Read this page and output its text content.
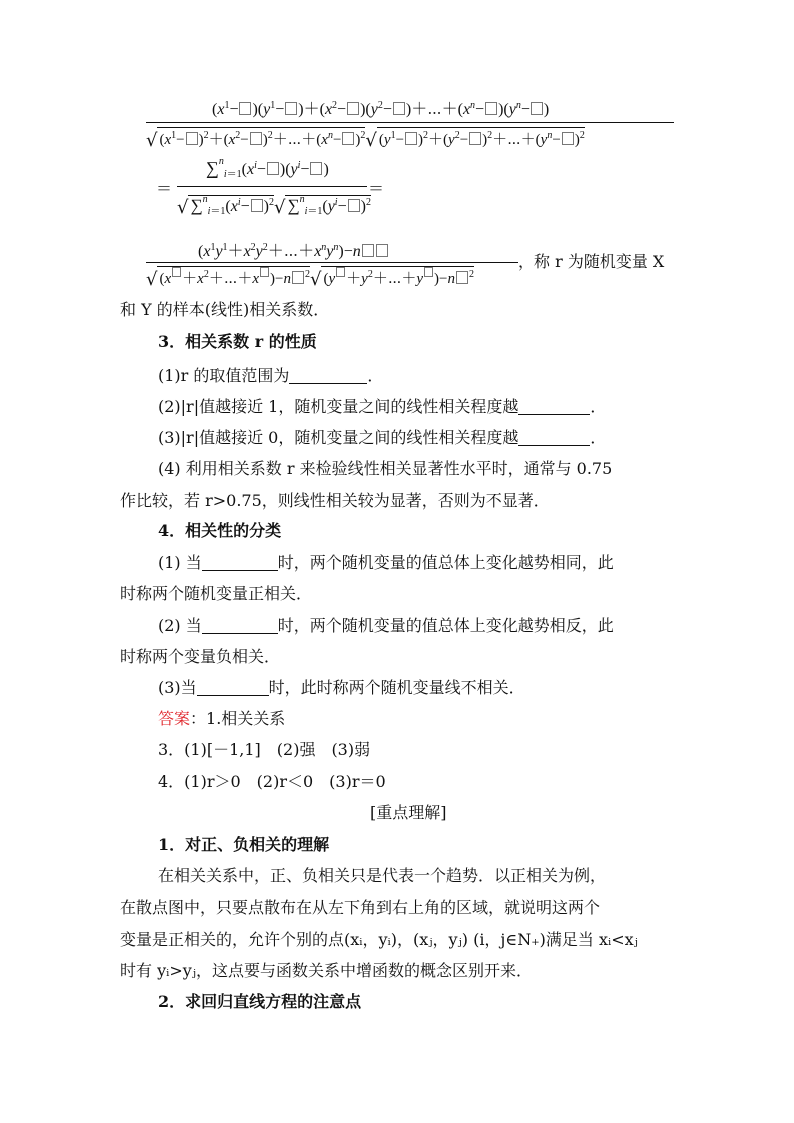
$(x^1- )(y^1- )+(x^2- )(y^2-$ )$+\cdots+(x^n- )(y^n-$ )
√ $(x^1- )^2+(x^2-$ )$^2+\cdots+(x^n- )^2√$ $(y^1- )^2+(y^2-$ )$^2+\cdots+(y^n- )^2$
＝
$\sum^n_{i=1}(x^i- )(y^i-$ )
√ $\sum^n_{i=1}(x^i- )^2√$ $\sum^n_{i=1}(y^i- )^2$
＝
$(x^1y^1+x^2y^2+\cdots+x^ny^n)-n$
√ ($x +x^2+\cdots+x$ )−n $^2$√ ($y +y^2+\cdots+y$ )−n $^2$
，称 r 为随机变量 X
和 Y 的样本(线性)相关系数．
3．相关系数 r 的性质
(1)r 的取值范围为	．
(2)|r|值越接近 1，随机变量之间的线性相关程度越	．
(3)|r|值越接近 0，随机变量之间的线性相关程度越	．
(4) 利用相关系数 r 来检验线性相关显著性水平时，通常与 0.75
作比较，若 r>0.75，则线性相关较为显著，否则为不显著．
4．相关性的分类
(1) 当	时，两个随机变量的值总体上变化越势相同，此
时称两个随机变量正相关．
(2) 当	时，两个随机变量的值总体上变化越势相反，此
时称两个变量负相关．
(3)当	时，此时称两个随机变量线不相关．
答案：1.相关关系
3．(1)[－1,1]　(2)强　(3)弱
4．(1)r＞0　(2)r＜0　(3)r＝0
[重点理解]
1．对正、负相关的理解
在相关关系中，正、负相关只是代表一个趋势．以正相关为例，
在散点图中，只要点散布在从左下角到右上角的区域，就说明这两个
变量是正相关的，允许个别的点(xᵢ，yᵢ)，(xⱼ，yⱼ) (i，j∈N₊)满足当 xᵢ<xⱼ
时有 yᵢ>yⱼ，这点要与函数关系中增函数的概念区别开来．
2．求回归直线方程的注意点
